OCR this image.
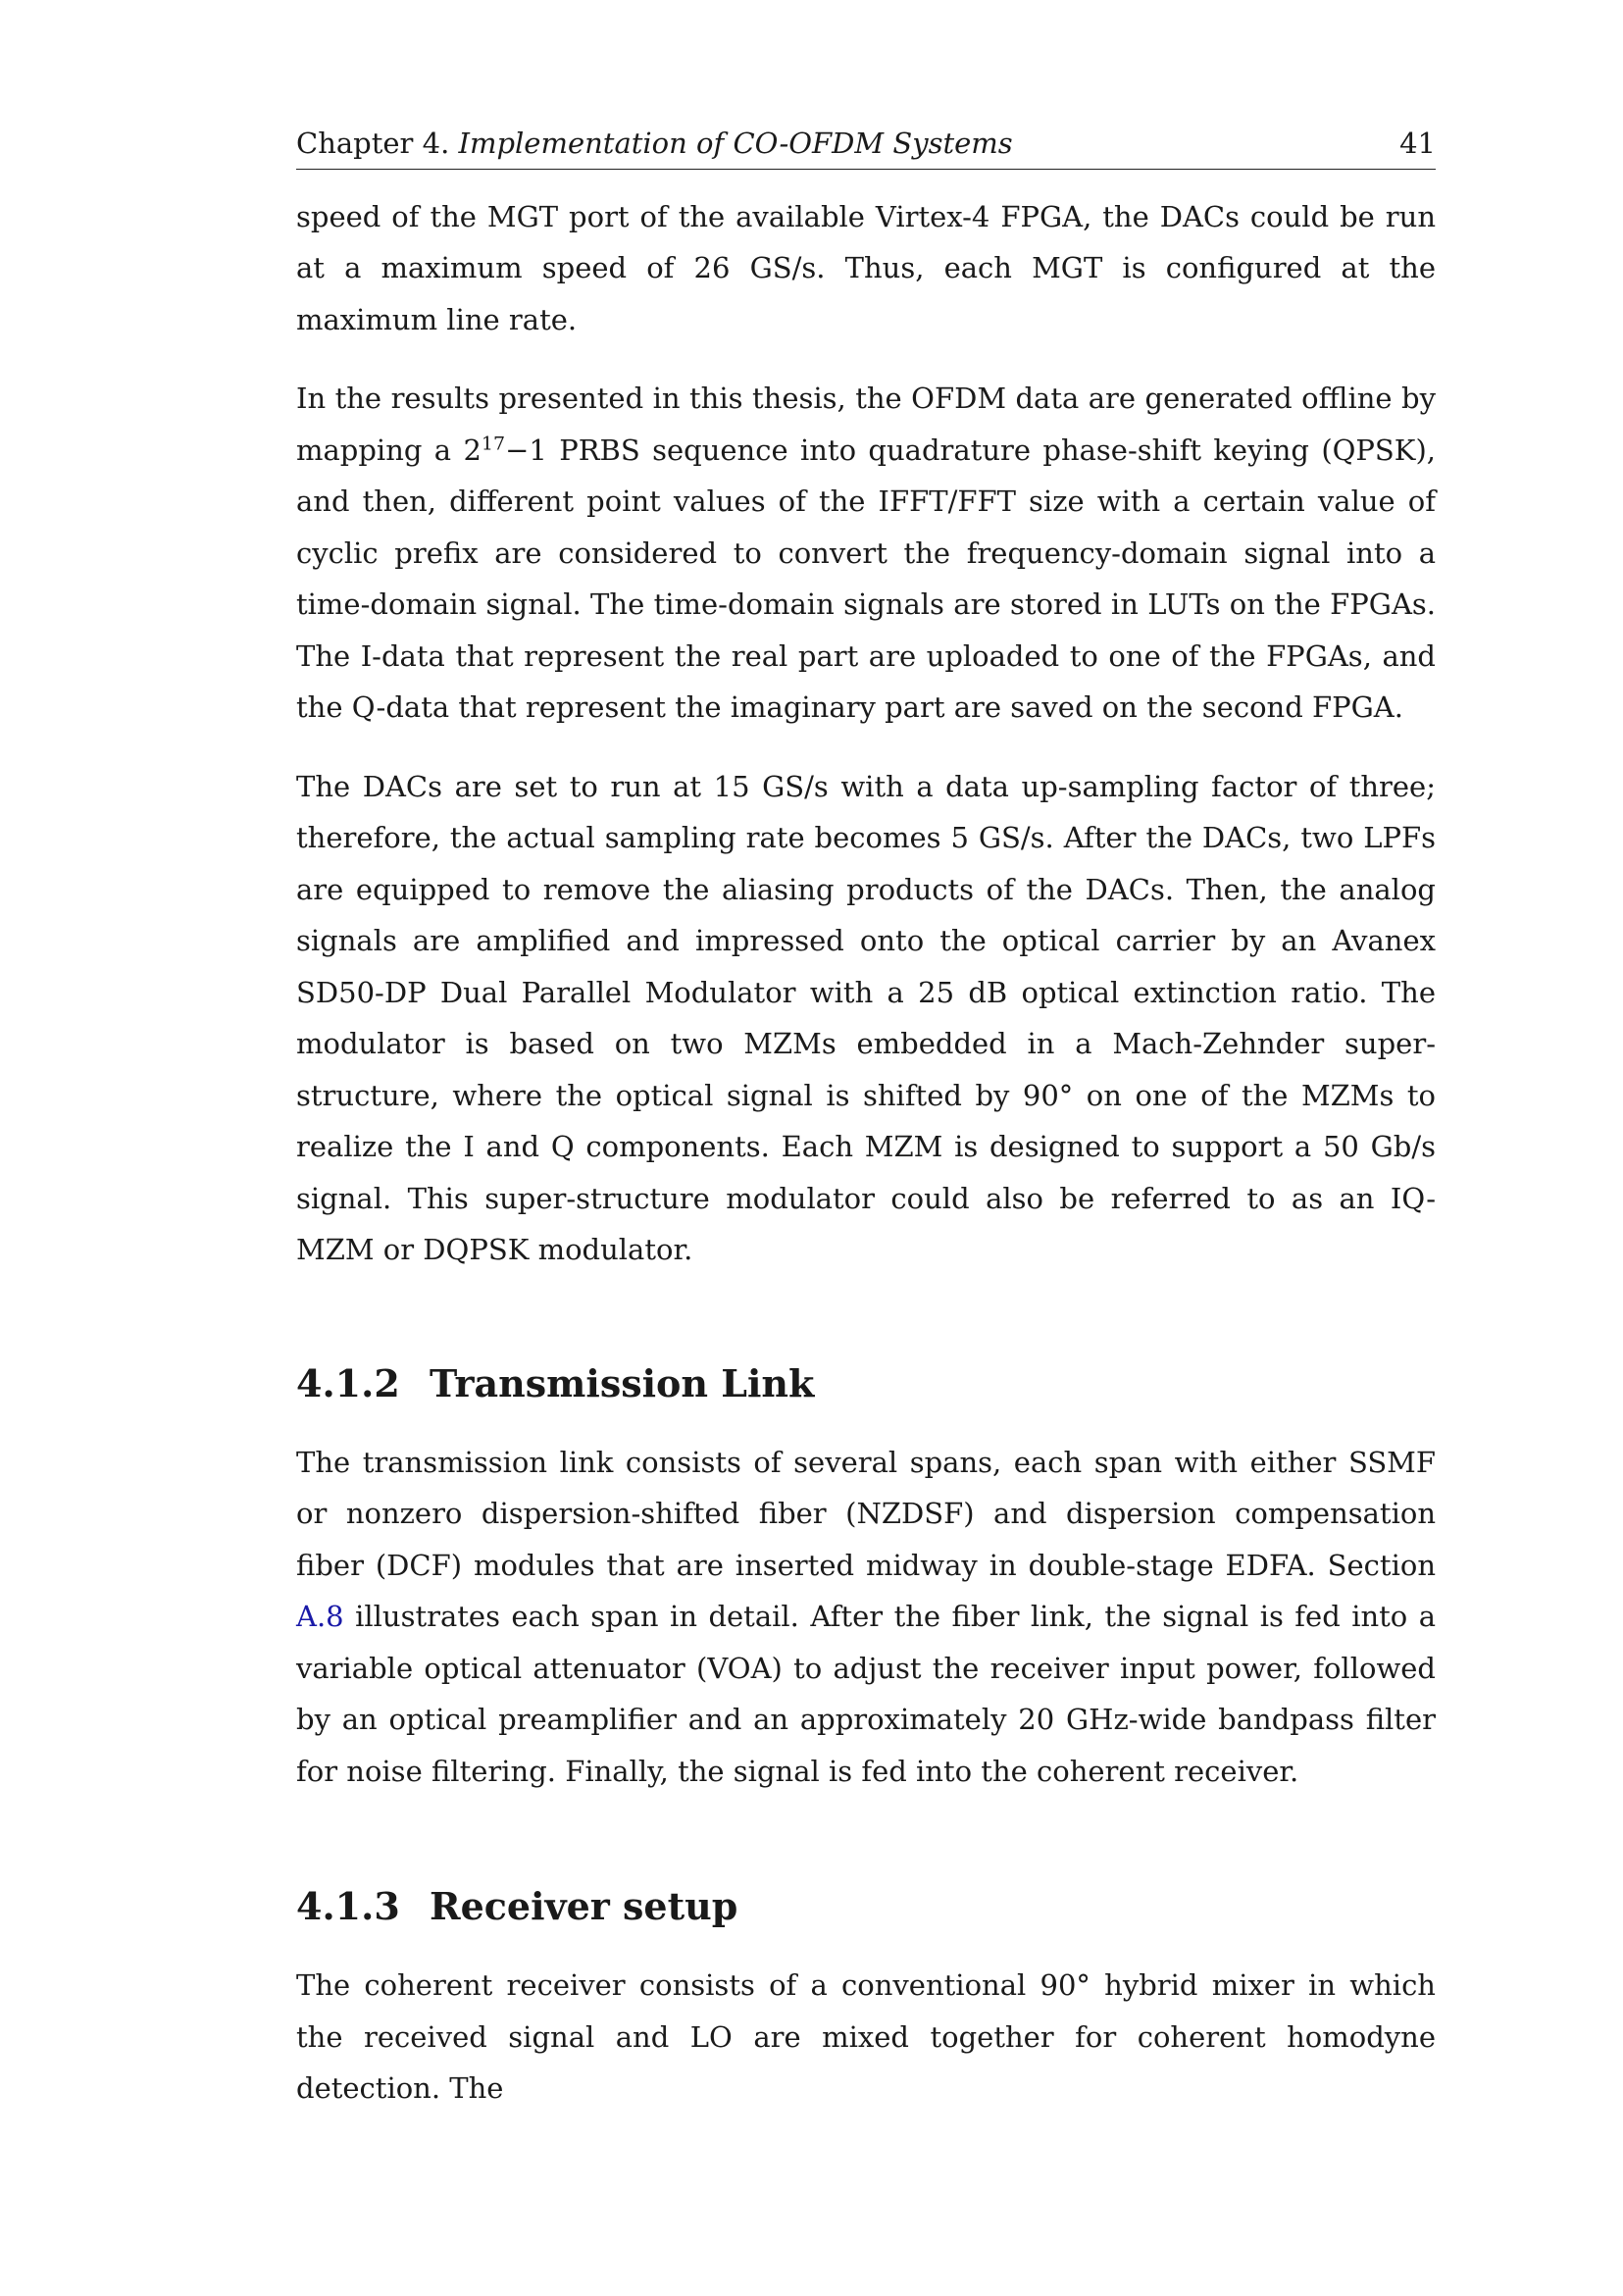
Chapter 4. Implementation of CO-OFDM Systems	41

speed of the MGT port of the available Virtex-4 FPGA, the DACs could be run at a maximum speed of 26 GS/s. Thus, each MGT is configured at the maximum line rate.

In the results presented in this thesis, the OFDM data are generated offline by mapping a $2^{17}-1$ PRBS sequence into quadrature phase-shift keying (QPSK), and then, different point values of the IFFT/FFT size with a certain value of cyclic prefix are considered to convert the frequency-domain signal into a time-domain signal. The time-domain signals are stored in LUTs on the FPGAs. The I-data that represent the real part are uploaded to one of the FPGAs, and the Q-data that represent the imaginary part are saved on the second FPGA.

The DACs are set to run at 15 GS/s with a data up-sampling factor of three; therefore, the actual sampling rate becomes 5 GS/s. After the DACs, two LPFs are equipped to remove the aliasing products of the DACs. Then, the analog signals are amplified and impressed onto the optical carrier by an Avanex SD50-DP Dual Parallel Modulator with a 25 dB optical extinction ratio. The modulator is based on two MZMs embedded in a Mach-Zehnder super-structure, where the optical signal is shifted by 90° on one of the MZMs to realize the I and Q components. Each MZM is designed to support a 50 Gb/s signal. This super-structure modulator could also be referred to as an IQ-MZM or DQPSK modulator.

4.1.2 Transmission Link

The transmission link consists of several spans, each span with either SSMF or nonzero dispersion-shifted fiber (NZDSF) and dispersion compensation fiber (DCF) modules that are inserted midway in double-stage EDFA. Section A.8 illustrates each span in detail. After the fiber link, the signal is fed into a variable optical attenuator (VOA) to adjust the receiver input power, followed by an optical preamplifier and an approximately 20 GHz-wide bandpass filter for noise filtering. Finally, the signal is fed into the coherent receiver.

4.1.3 Receiver setup

The coherent receiver consists of a conventional 90° hybrid mixer in which the received signal and LO are mixed together for coherent homodyne detection. The
